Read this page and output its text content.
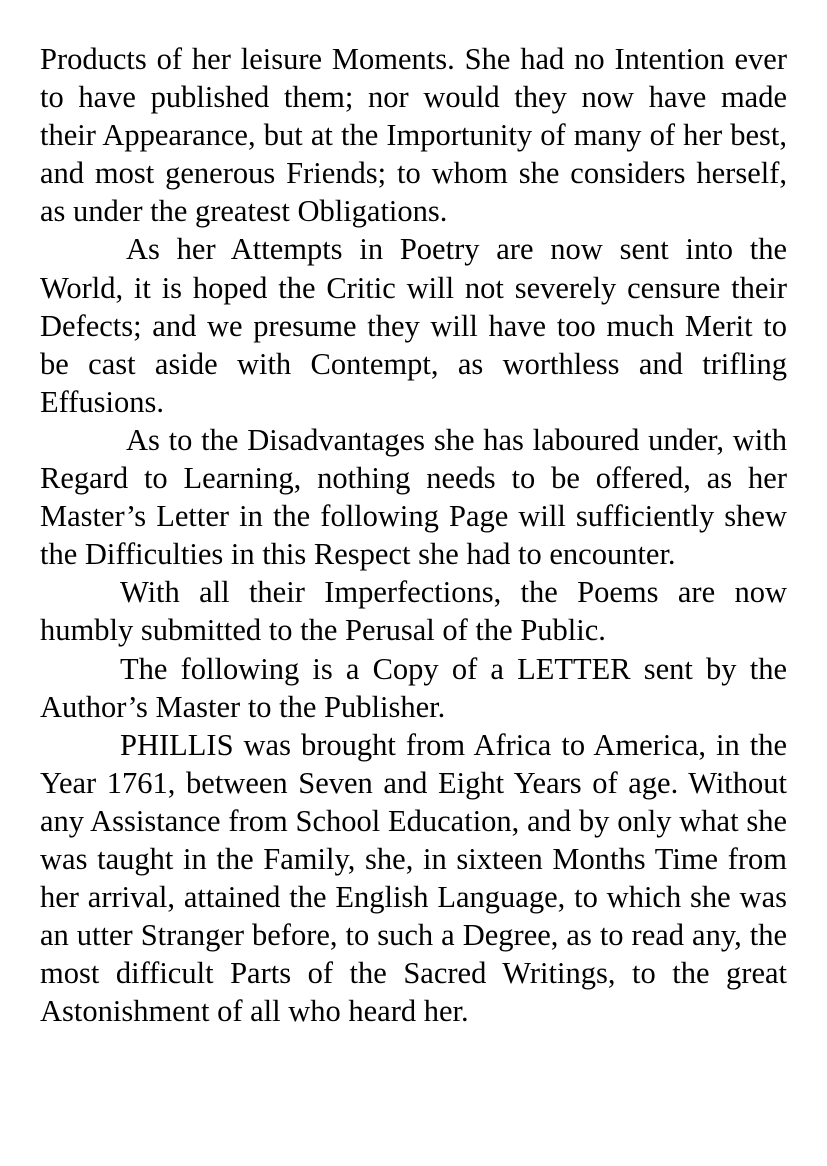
Products of her leisure Moments. She had no Intention ever to have published them; nor would they now have made their Appearance, but at the Importunity of many of her best, and most generous Friends; to whom she considers herself, as under the greatest Obligations.

As her Attempts in Poetry are now sent into the World, it is hoped the Critic will not severely censure their Defects; and we presume they will have too much Merit to be cast aside with Contempt, as worthless and trifling Effusions.

As to the Disadvantages she has laboured under, with Regard to Learning, nothing needs to be offered, as her Master’s Letter in the following Page will sufficiently shew the Difficulties in this Respect she had to encounter.

With all their Imperfections, the Poems are now humbly submitted to the Perusal of the Public.

The following is a Copy of a LETTER sent by the Author’s Master to the Publisher.

PHILLIS was brought from Africa to America, in the Year 1761, between Seven and Eight Years of age. Without any Assistance from School Education, and by only what she was taught in the Family, she, in sixteen Months Time from her arrival, attained the English Language, to which she was an utter Stranger before, to such a Degree, as to read any, the most difficult Parts of the Sacred Writings, to the great Astonishment of all who heard her.
